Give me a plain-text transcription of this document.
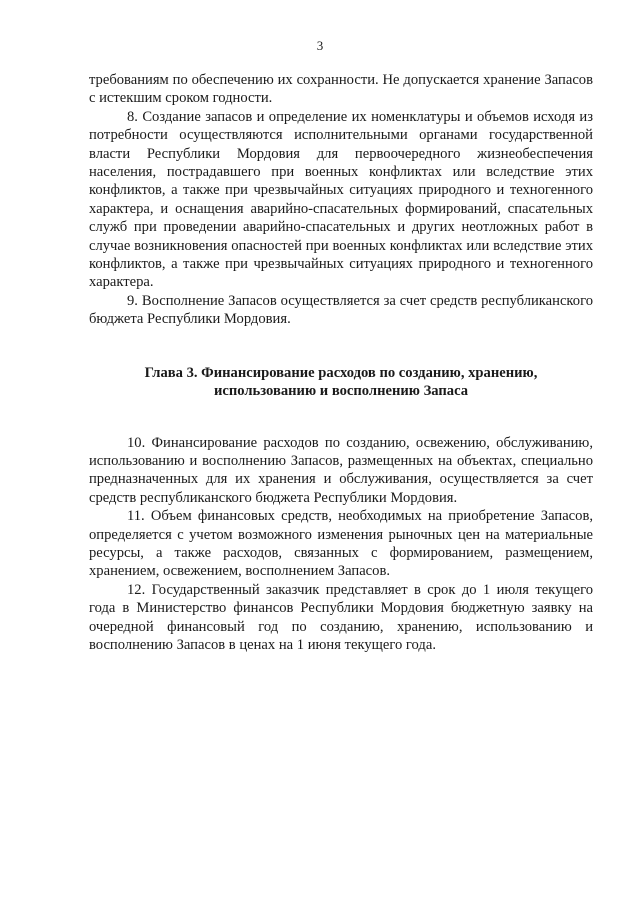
3

требованиям по обеспечению их сохранности. Не допускается хранение Запасов с истекшим сроком годности.

8. Создание запасов и определение их номенклатуры и объемов исходя из потребности осуществляются исполнительными органами государственной власти Республики Мордовия для первоочередного жизнеобеспечения населения, пострадавшего при военных конфликтах или вследствие этих конфликтов, а также при чрезвычайных ситуациях природного и техногенного характера, и оснащения аварийно-спасательных формирований, спасательных служб при проведении аварийно-спасательных и других неотложных работ в случае возникновения опасностей при военных конфликтах или вследствие этих конфликтов, а также при чрезвычайных ситуациях природного и техногенного характера.

9. Восполнение Запасов осуществляется за счет средств республиканского бюджета Республики Мордовия.

Глава 3. Финансирование расходов по созданию, хранению,
использованию и восполнению Запаса

10. Финансирование расходов по созданию, освежению, обслуживанию, использованию и восполнению Запасов, размещенных на объектах, специально предназначенных для их хранения и обслуживания, осуществляется за счет средств республиканского бюджета Республики Мордовия.

11. Объем финансовых средств, необходимых на приобретение Запасов, определяется с учетом возможного изменения рыночных цен на материальные ресурсы, а также расходов, связанных с формированием, размещением, хранением, освежением, восполнением Запасов.

12. Государственный заказчик представляет в срок до 1 июля текущего года в Министерство финансов Республики Мордовия бюджетную заявку на очередной финансовый год по созданию, хранению, использованию и восполнению Запасов в ценах на 1 июня текущего года.
